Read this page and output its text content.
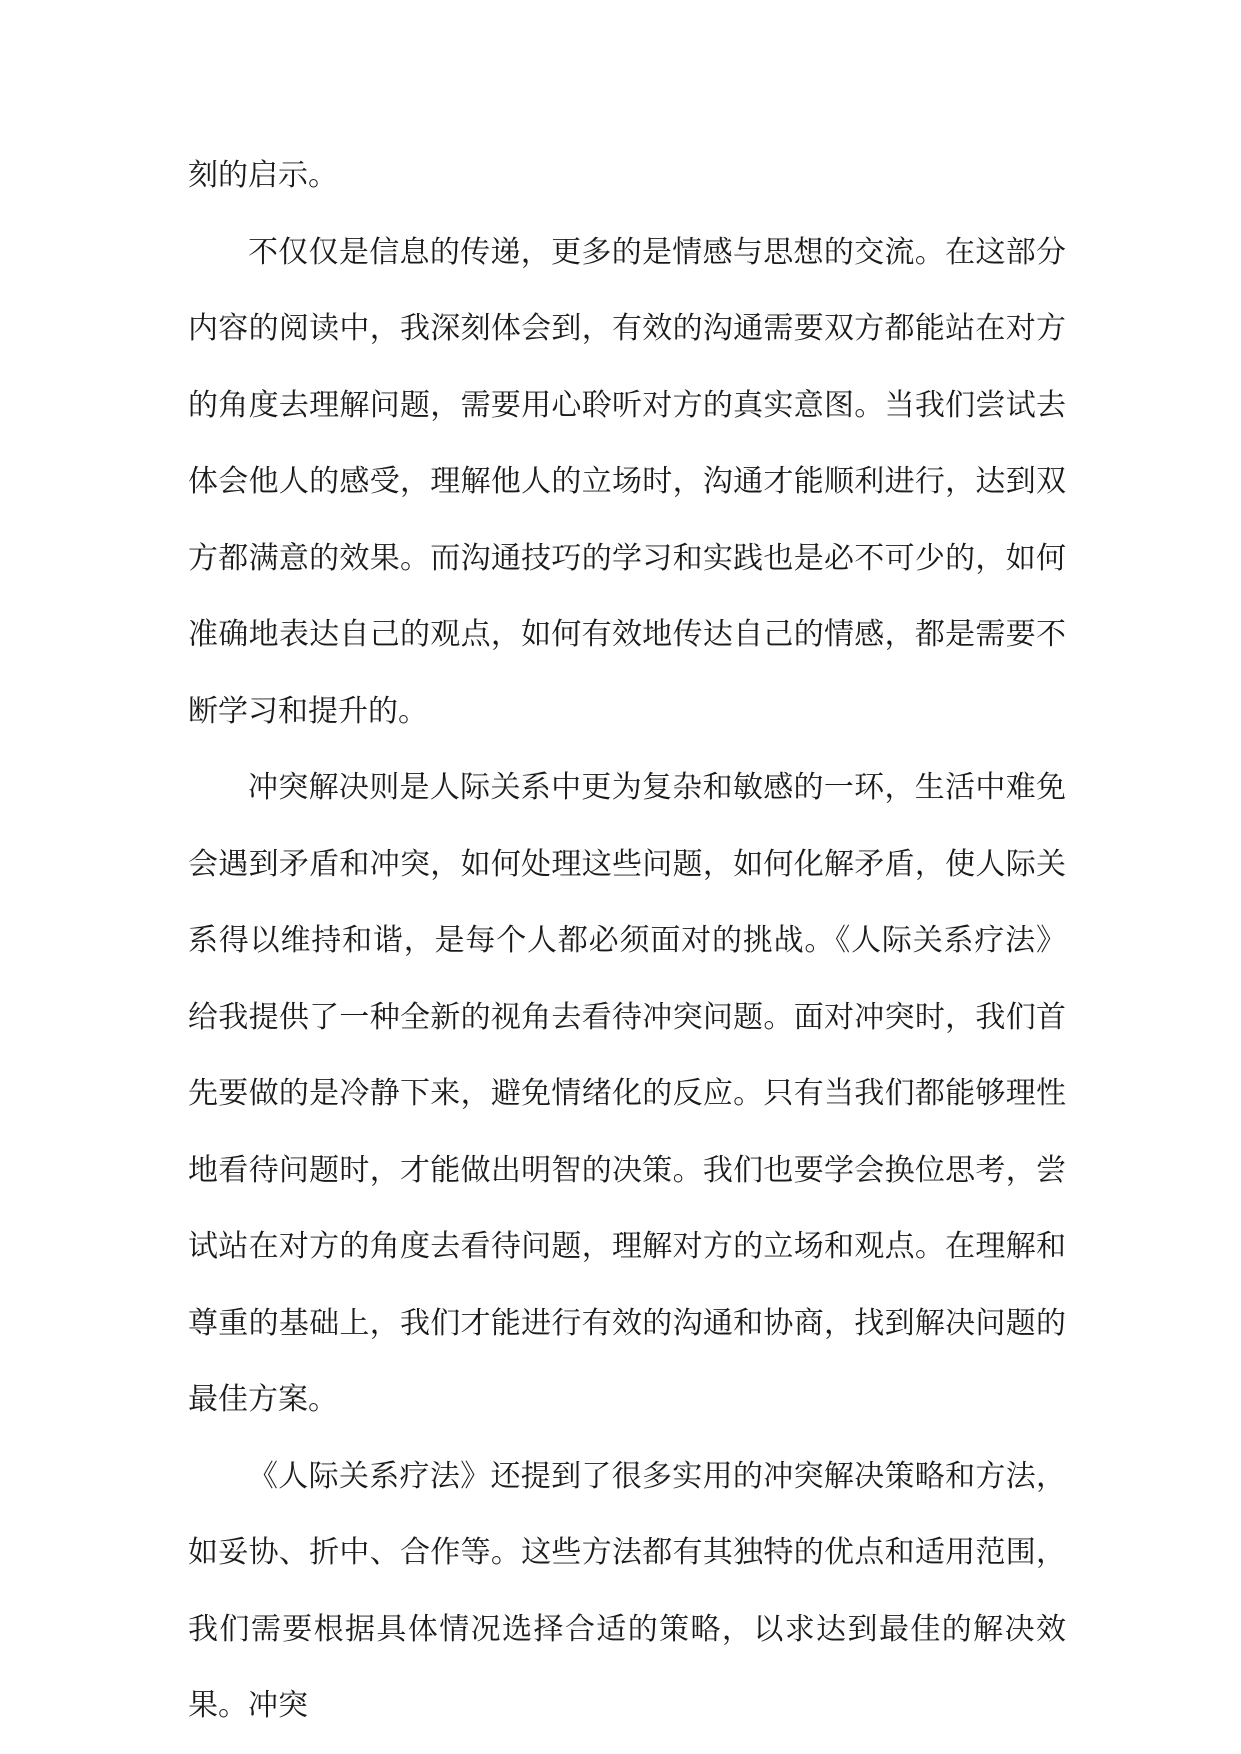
刻的启示。

不仅仅是信息的传递，更多的是情感与思想的交流。在这部分内容的阅读中，我深刻体会到，有效的沟通需要双方都能站在对方的角度去理解问题，需要用心聆听对方的真实意图。当我们尝试去体会他人的感受，理解他人的立场时，沟通才能顺利进行，达到双方都满意的效果。而沟通技巧的学习和实践也是必不可少的，如何准确地表达自己的观点，如何有效地传达自己的情感，都是需要不断学习和提升的。

冲突解决则是人际关系中更为复杂和敏感的一环，生活中难免会遇到矛盾和冲突，如何处理这些问题，如何化解矛盾，使人际关系得以维持和谐，是每个人都必须面对的挑战。《人际关系疗法》给我提供了一种全新的视角去看待冲突问题。面对冲突时，我们首先要做的是冷静下来，避免情绪化的反应。只有当我们都能够理性地看待问题时，才能做出明智的决策。我们也要学会换位思考，尝试站在对方的角度去看待问题，理解对方的立场和观点。在理解和尊重的基础上，我们才能进行有效的沟通和协商，找到解决问题的最佳方案。

《人际关系疗法》还提到了很多实用的冲突解决策略和方法，如妥协、折中、合作等。这些方法都有其独特的优点和适用范围，我们需要根据具体情况选择合适的策略，以求达到最佳的解决效果。冲突
